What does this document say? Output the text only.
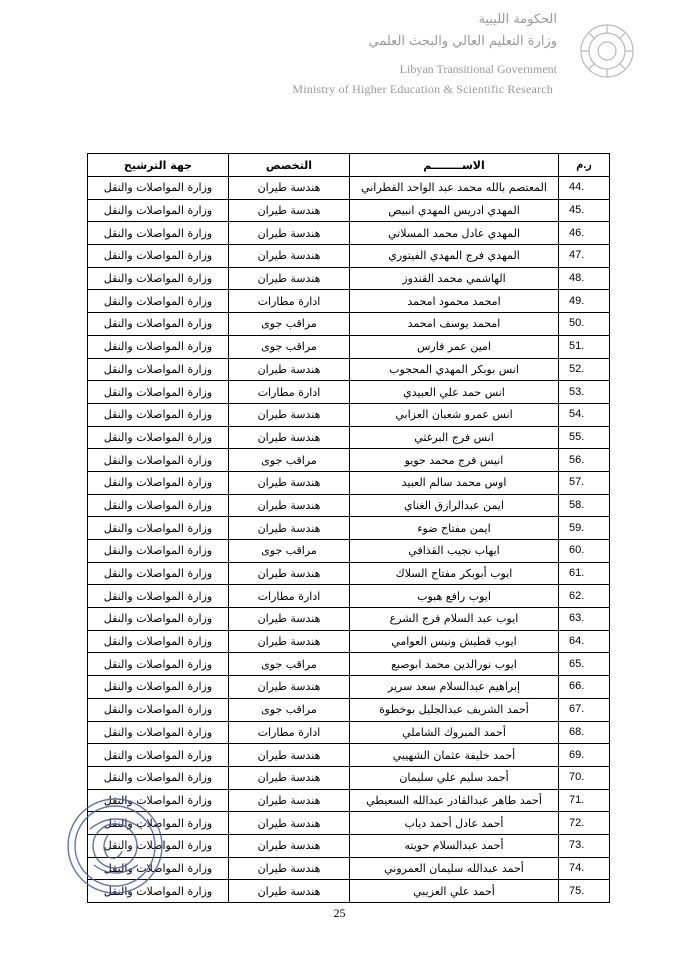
الحكومة الليبية
وزارة التعليم العالي والبحث العلمي
Libyan Transitional Government
Ministry of Higher Education & Scientific Research
ر.م	الاســــــــم	التخصص	جهة الترشيح
44.	المعتصم بالله محمد عبد الواحد القطراني	هندسة طيران	وزارة المواصلات والنقل
45.	المهدي ادريس المهدي انبيص	هندسة طيران	وزارة المواصلات والنقل
46.	المهدي عادل محمد المسلاتي	هندسة طيران	وزارة المواصلات والنقل
47.	المهدي فرج المهدي الفيتوري	هندسة طيران	وزارة المواصلات والنقل
48.	الهاشمي محمد القندوز	هندسة طيران	وزارة المواصلات والنقل
49.	امحمد محمود امحمد	ادارة مطارات	وزارة المواصلات والنقل
50.	امحمد يوسف امحمد	مراقب جوى	وزارة المواصلات والنقل
51.	امين عمر فارس	مراقب جوى	وزارة المواصلات والنقل
52.	انس بوبكر المهدي المحجوب	هندسة طيران	وزارة المواصلات والنقل
53.	انس حمد علي العبيدي	ادارة مطارات	وزارة المواصلات والنقل
54.	انس عمرو شعبان العزابي	هندسة طيران	وزارة المواصلات والنقل
55.	انس فرج البرغثي	هندسة طيران	وزارة المواصلات والنقل
56.	انيس فرج محمد حويو	مراقب جوى	وزارة المواصلات والنقل
57.	اوس محمد سالم العبيد	هندسة طيران	وزارة المواصلات والنقل
58.	ايمن عبدالرازق الغناي	هندسة طيران	وزارة المواصلات والنقل
59.	ايمن مفتاح ضوء	هندسة طيران	وزارة المواصلات والنقل
60.	ايهاب نجيب القذافي	مراقب جوى	وزارة المواصلات والنقل
61.	ايوب أبوبكر مفتاح السلاك	هندسة طيران	وزارة المواصلات والنقل
62.	ايوب رافع هبوب	ادارة مطارات	وزارة المواصلات والنقل
63.	ايوب عبد السلام فرج الشرع	هندسة طيران	وزارة المواصلات والنقل
64.	ايوب قطيش ونيس العوامي	هندسة طيران	وزارة المواصلات والنقل
65.	ايوب نورالدين محمد ابوصبع	مراقب جوى	وزارة المواصلات والنقل
66.	إبراهيم عبدالسلام سعد سرير	هندسة طيران	وزارة المواصلات والنقل
67.	أحمد الشريف عبدالجليل بوخطوة	مراقب جوى	وزارة المواصلات والنقل
68.	أحمد المبروك الشاملي	ادارة مطارات	وزارة المواصلات والنقل
69.	أحمد خليفة عثمان الشهيبي	هندسة طيران	وزارة المواصلات والنقل
70.	أحمد سليم علي سليمان	هندسة طيران	وزارة المواصلات والنقل
71.	أحمد طاهر عبدالقادر عبدالله السعيطي	هندسة طيران	وزارة المواصلات والنقل
72.	أحمد عادل أحمد دياب	هندسة طيران	وزارة المواصلات والنقل
73.	أحمد عبدالسلام حويته	هندسة طيران	وزارة المواصلات والنقل
74.	أحمد عبدالله سليمان العمروني	هندسة طيران	وزارة المواصلات والنقل
75.	أحمد علي العزيبي	هندسة طيران	وزارة المواصلات والنقل
25
